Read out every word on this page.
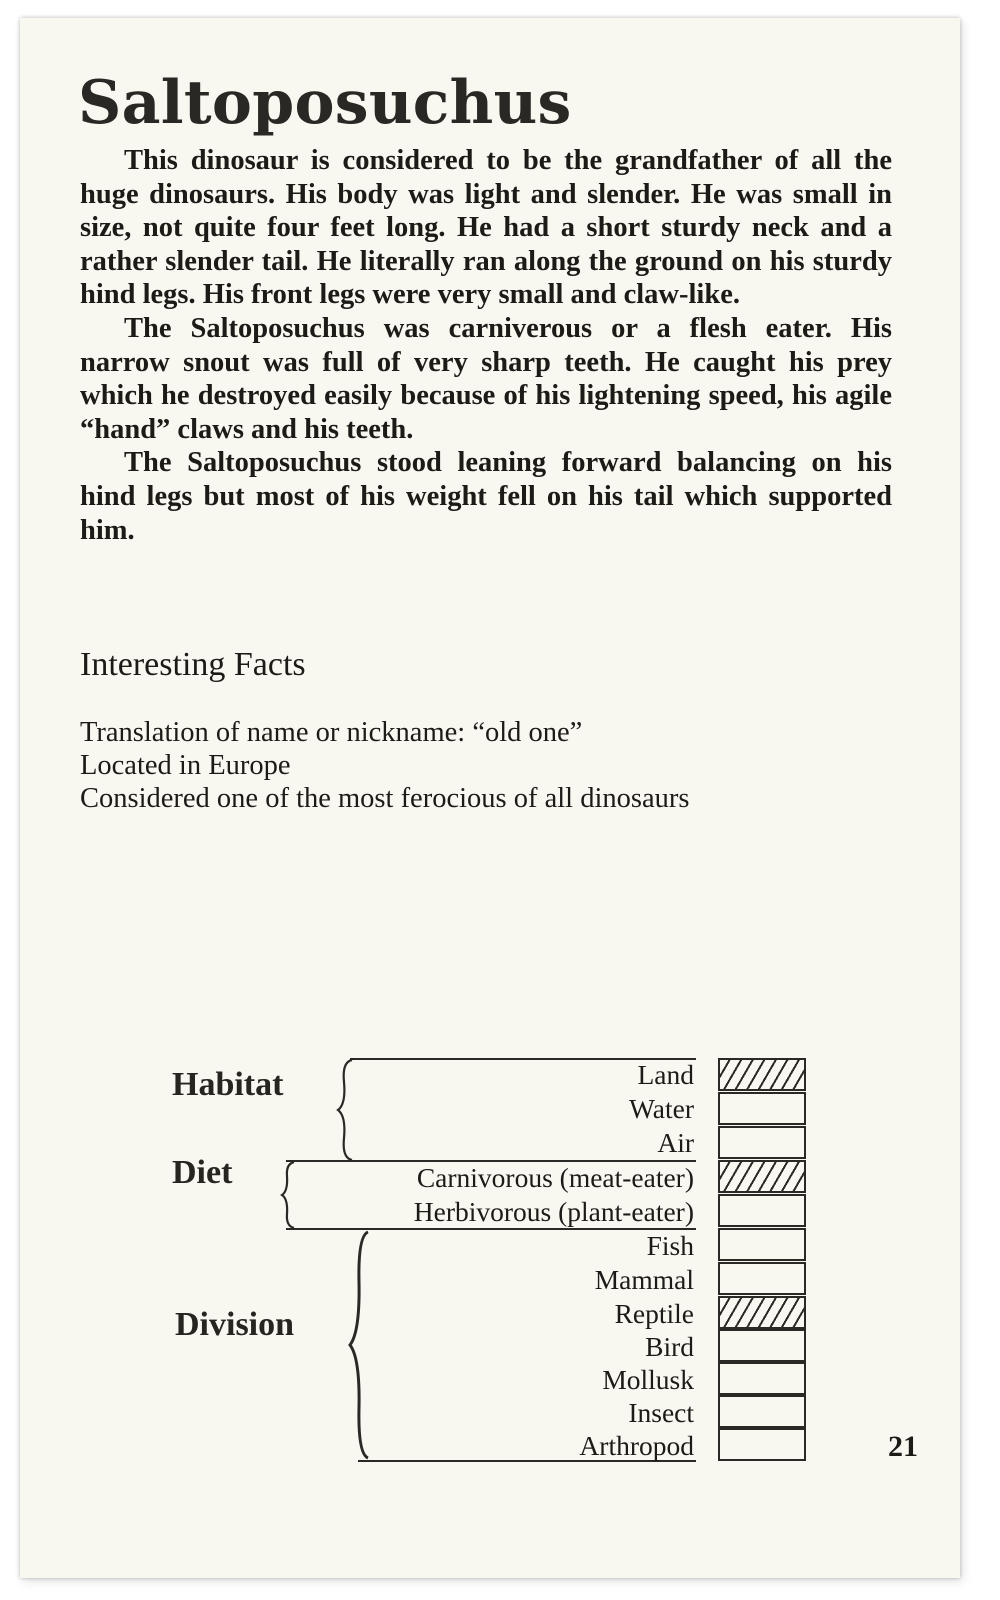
Saltoposuchus

This dinosaur is considered to be the grandfather of all the huge dinosaurs. His body was light and slender. He was small in size, not quite four feet long. He had a short sturdy neck and a rather slender tail. He literally ran along the ground on his sturdy hind legs. His front legs were very small and claw-like.

The Saltoposuchus was carniverous or a flesh eater. His narrow snout was full of very sharp teeth. He caught his prey which he destroyed easily because of his lightening speed, his agile “hand” claws and his teeth.

The Saltoposuchus stood leaning forward balancing on his hind legs but most of his weight fell on his tail which supported him.

Interesting Facts
Translation of name or nickname: “old one”
Located in Europe
Considered one of the most ferocious of all dinosaurs
Habitat
Diet
Division
Land
Water
Air
Carnivorous (meat-eater)
Herbivorous (plant-eater)
Fish
Mammal
Reptile
Bird
Mollusk
Insect
Arthropod	21
